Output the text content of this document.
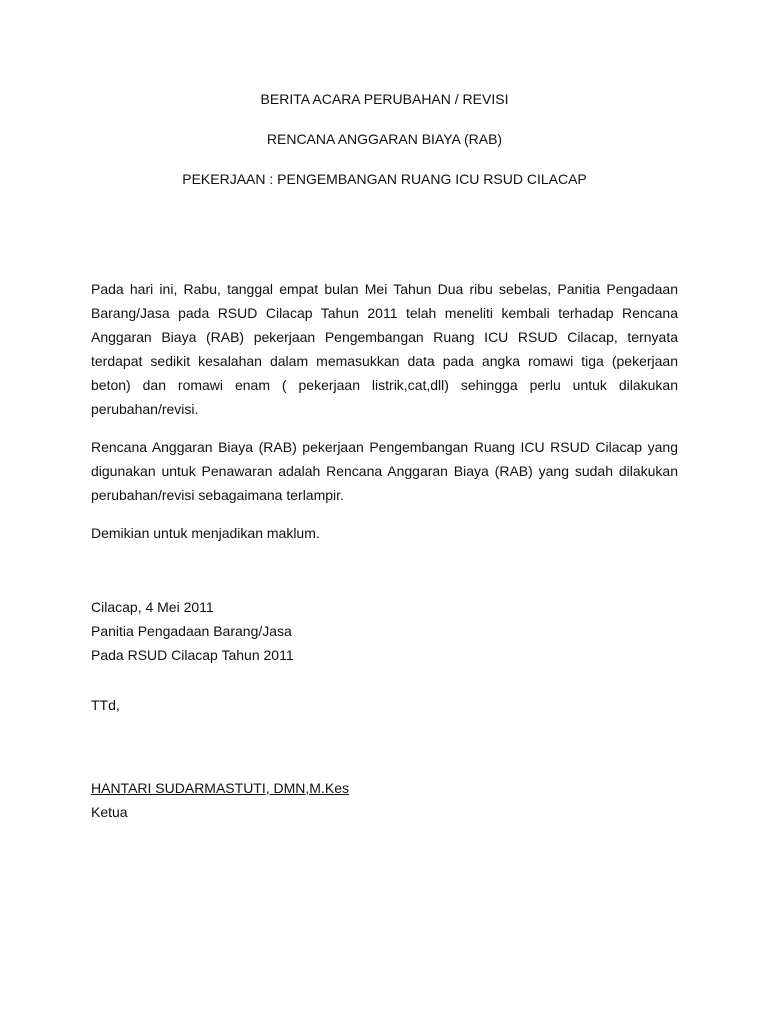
BERITA ACARA PERUBAHAN / REVISI

RENCANA ANGGARAN BIAYA (RAB)

PEKERJAAN : PENGEMBANGAN RUANG ICU RSUD CILACAP

Pada hari ini, Rabu, tanggal empat bulan Mei Tahun Dua ribu sebelas, Panitia Pengadaan Barang/Jasa pada RSUD Cilacap Tahun 2011 telah meneliti kembali terhadap Rencana Anggaran Biaya (RAB) pekerjaan Pengembangan Ruang ICU RSUD Cilacap, ternyata terdapat sedikit kesalahan dalam memasukkan data pada angka romawi tiga (pekerjaan beton) dan romawi enam ( pekerjaan listrik,cat,dll) sehingga perlu untuk dilakukan perubahan/revisi.

Rencana Anggaran Biaya (RAB) pekerjaan Pengembangan Ruang ICU RSUD Cilacap yang digunakan untuk Penawaran adalah Rencana Anggaran Biaya (RAB) yang sudah dilakukan perubahan/revisi sebagaimana terlampir.

Demikian untuk menjadikan maklum.

Cilacap, 4 Mei 2011

Panitia Pengadaan Barang/Jasa

Pada RSUD Cilacap Tahun 2011

TTd,

HANTARI SUDARMASTUTI, DMN,M.Kes

Ketua
